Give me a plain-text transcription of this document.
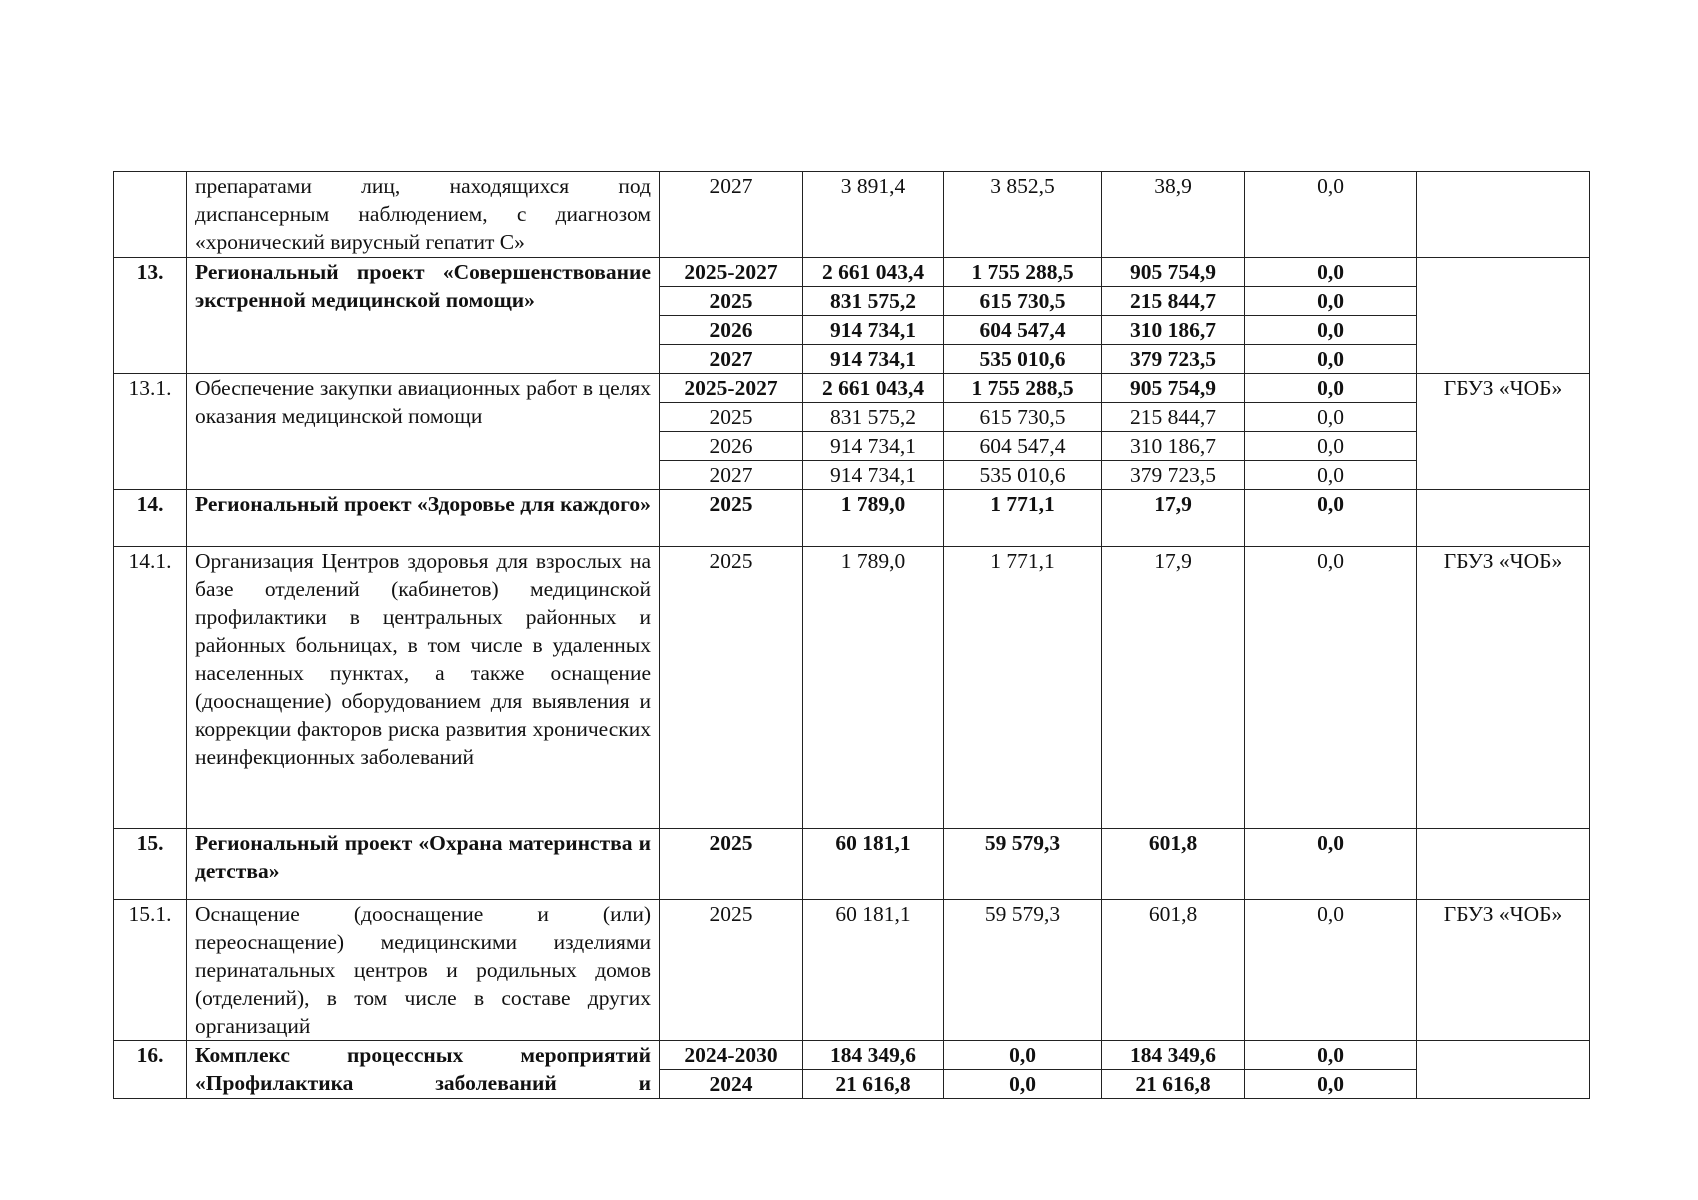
	препаратами лиц, находящихся под диспансерным наблюдением, с диагнозом «хронический вирусный гепатит С»	2027	3 891,4	3 852,5	38,9	0,0	
13.	Региональный проект «Совершенствование экстренной медицинской помощи»	2025-2027	2 661 043,4	1 755 288,5	905 754,9	0,0	
		2025	831 575,2	615 730,5	215 844,7	0,0	
		2026	914 734,1	604 547,4	310 186,7	0,0	
		2027	914 734,1	535 010,6	379 723,5	0,0	
13.1.	Обеспечение закупки авиационных работ в целях оказания медицинской помощи	2025-2027	2 661 043,4	1 755 288,5	905 754,9	0,0	ГБУЗ «ЧОБ»
		2025	831 575,2	615 730,5	215 844,7	0,0	
		2026	914 734,1	604 547,4	310 186,7	0,0	
		2027	914 734,1	535 010,6	379 723,5	0,0	
14.	Региональный проект «Здоровье для каждого»	2025	1 789,0	1 771,1	17,9	0,0	
14.1.	Организация Центров здоровья для взрослых на базе отделений (кабинетов) медицинской профилактики в центральных районных и районных больницах, в том числе в удаленных населенных пунктах, а также оснащение (дооснащение) оборудованием для выявления и коррекции факторов риска развития хронических неинфекционных заболеваний	2025	1 789,0	1 771,1	17,9	0,0	ГБУЗ «ЧОБ»
15.	Региональный проект «Охрана материнства и детства»	2025	60 181,1	59 579,3	601,8	0,0	
15.1.	Оснащение (дооснащение и (или) переоснащение) медицинскими изделиями перинатальных центров и родильных домов (отделений), в том числе в составе других организаций	2025	60 181,1	59 579,3	601,8	0,0	ГБУЗ «ЧОБ»
16.	Комплекс процессных мероприятий «Профилактика заболеваний и	2024-2030	184 349,6	0,0	184 349,6	0,0	
		2024	21 616,8	0,0	21 616,8	0,0	
